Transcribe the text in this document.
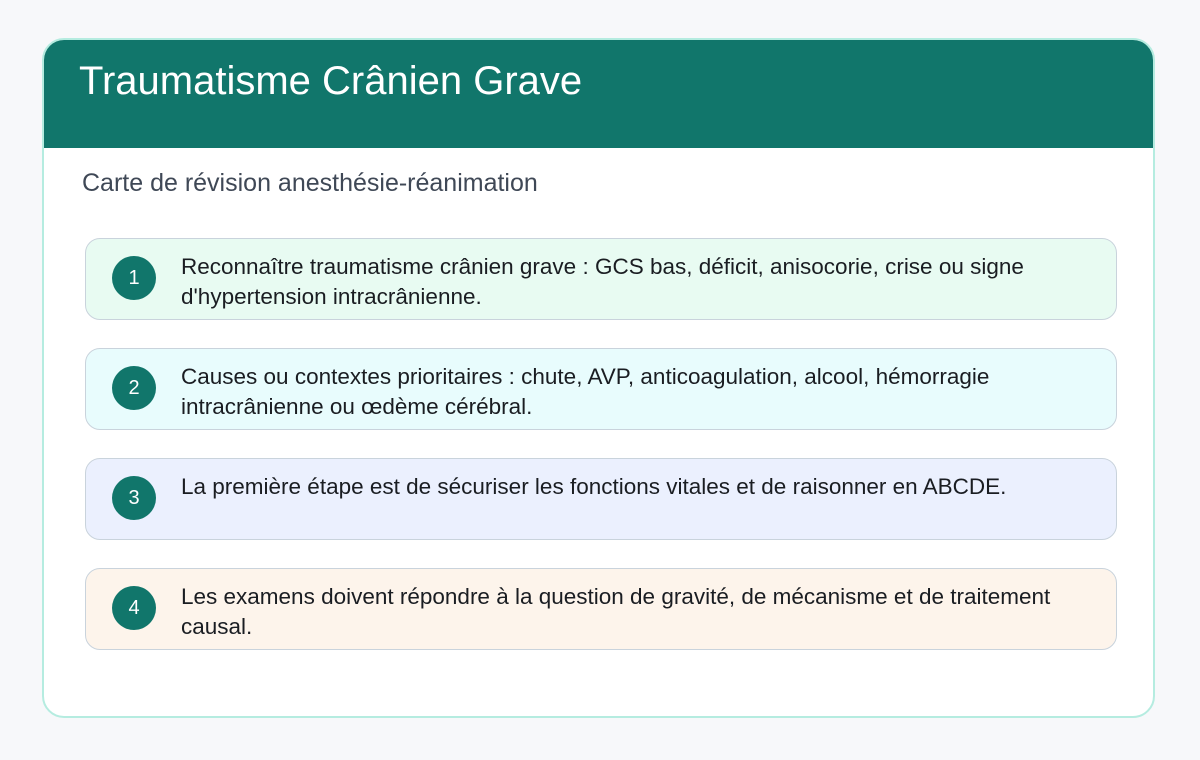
Traumatisme Crânien Grave
Carte de révision anesthésie-réanimation
1	Reconnaître traumatisme crânien grave : GCS bas, déficit, anisocorie, crise ou signe d'hypertension intracrânienne.
2	Causes ou contextes prioritaires : chute, AVP, anticoagulation, alcool, hémorragie intracrânienne ou œdème cérébral.
3	La première étape est de sécuriser les fonctions vitales et de raisonner en ABCDE.
4	Les examens doivent répondre à la question de gravité, de mécanisme et de traitement causal.
